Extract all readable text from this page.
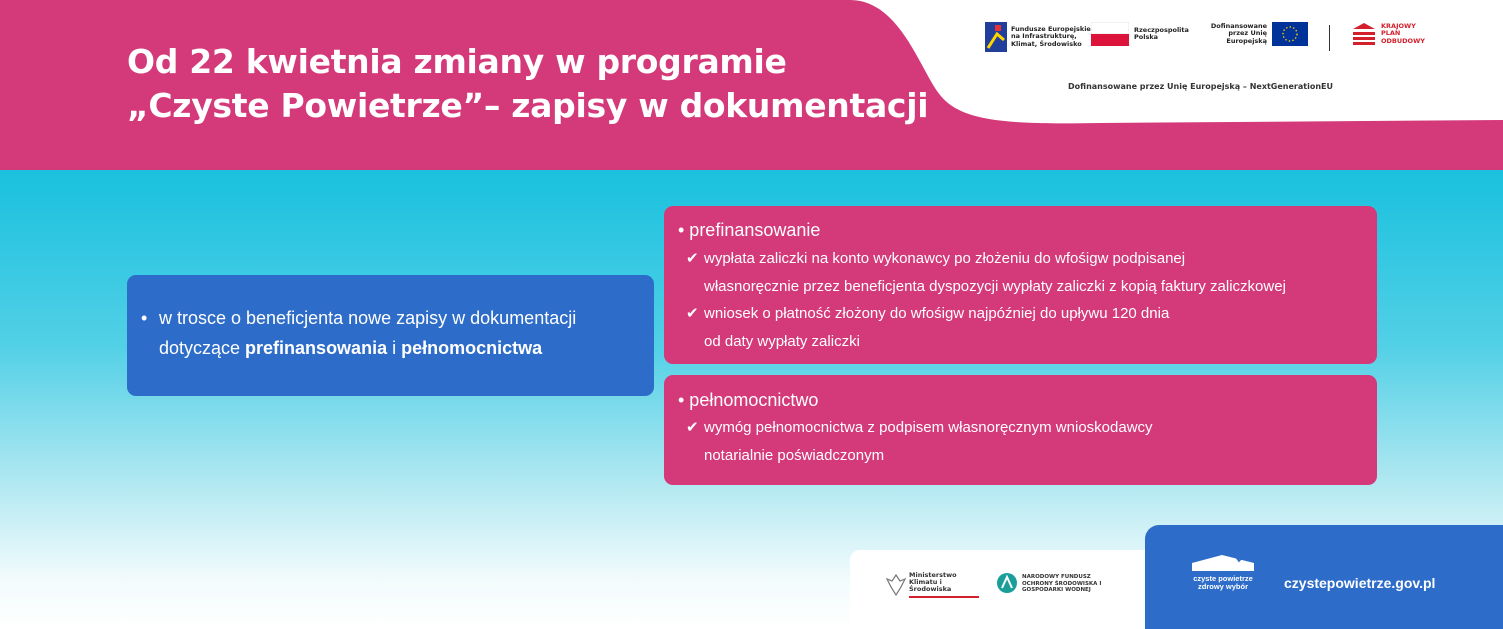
Od 22 kwietnia zmiany w programie
„Czyste Powietrze”– zapisy w dokumentacji
Fundusze Europejskie na Infrastrukturę, Klimat, Środowisko
Rzeczpospolita Polska
Dofinansowane przez Unię Europejską
KRAJOWY PLAN ODBUDOWY
Dofinansowane przez Unię Europejską – NextGenerationEU
• w trosce o beneficjenta nowe zapisy w dokumentacji
dotyczące prefinansowania i pełnomocnictwa
• prefinansowanie
✔ wypłata zaliczki na konto wykonawcy po złożeniu do wfośigw podpisanej
własnoręcznie przez beneficjenta dyspozycji wypłaty zaliczki z kopią faktury zaliczkowej
✔ wniosek o płatność złożony do wfośigw najpóźniej do upływu 120 dnia
od daty wypłaty zaliczki
• pełnomocnictwo
✔ wymóg pełnomocnictwa z podpisem własnoręcznym wnioskodawcy
notarialnie poświadczonym
Ministerstwo Klimatu i Środowiska
NARODOWY FUNDUSZ OCHRONY ŚRODOWISKA I GOSPODARKI WODNEJ
czyste powietrze
zdrowy wybór	czystepowietrze.gov.pl
